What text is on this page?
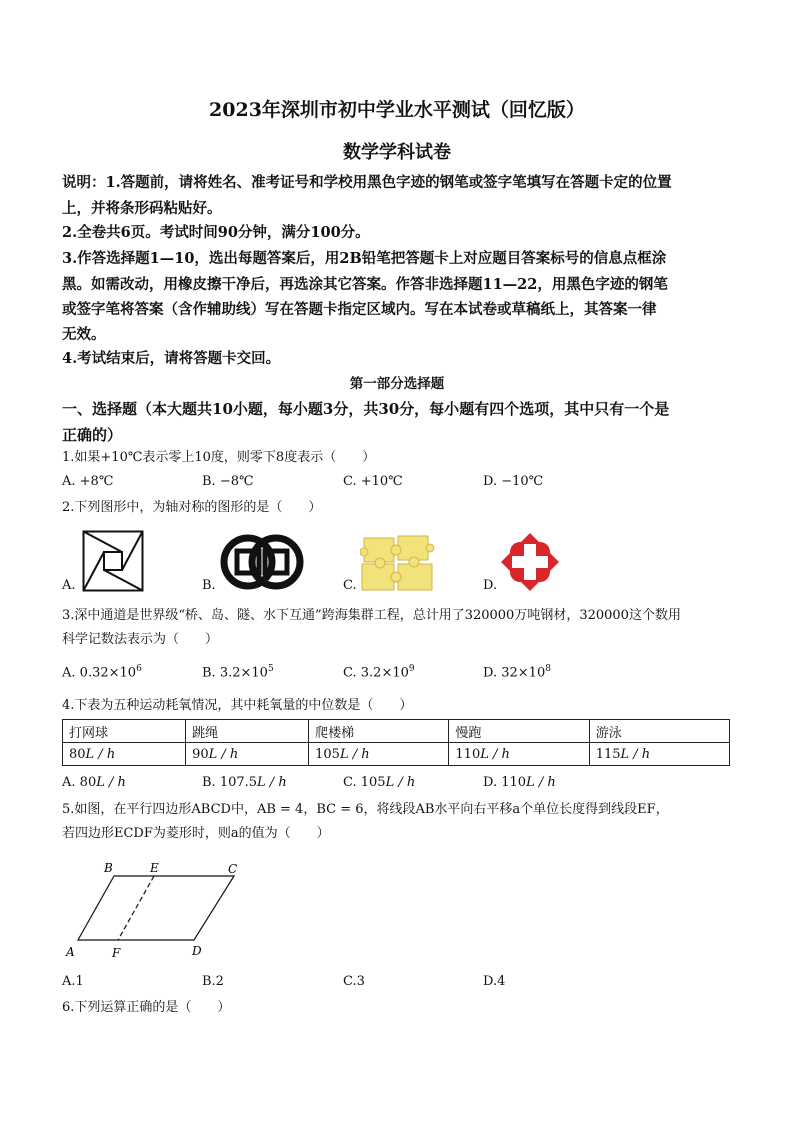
2023年深圳市初中学业水平测试（回忆版）
数学学科试卷
说明：1.答题前，请将姓名、准考证号和学校用黑色字迹的钢笔或签字笔填写在答题卡定的位置
上，并将条形码粘贴好。
2.全卷共6页。考试时间90分钟，满分100分。
3.作答选择题1—10，选出每题答案后，用2B铅笔把答题卡上对应题目答案标号的信息点框涂
黑。如需改动，用橡皮擦干净后，再选涂其它答案。作答非选择题11—22，用黑色字迹的钢笔
或签字笔将答案（含作辅助线）写在答题卡指定区域内。写在本试卷或草稿纸上，其答案一律
无效。
4.考试结束后，请将答题卡交回。
第一部分选择题
一、选择题（本大题共10小题，每小题3分，共30分，每小题有四个选项，其中只有一个是
正确的）
1.如果+10℃表示零上10度，则零下8度表示（　　）
A. +8℃	B. −8℃	C. +10℃	D. −10℃
2.下列图形中，为轴对称的图形的是（　　）
A.	B.	C.	D.
3.深中通道是世界级“桥、岛、隧、水下互通”跨海集群工程，总计用了320000万吨钢材，320000这个数用
科学记数法表示为（　　）
A. $0.32\times 10^6$	B. $3.2\times 10^5$	C. $3.2\times 10^9$	D. $32\times 10^8$
4.下表为五种运动耗氧情况，其中耗氧量的中位数是（　　）
打网球	跳绳	爬楼梯	慢跑	游泳
80L / h	90L / h	105L / h	110L / h	115L / h
A. 80L / h	B. 107.5L / h	C. 105L / h	D. 110L / h
5.如图，在平行四边形ABCD中，AB = 4，BC = 6，将线段AB水平向右平移a个单位长度得到线段EF，
若四边形ECDF为菱形时，则a的值为（　　）
B	E	C
A	F	D
A.1	B.2	C.3	D.4
6.下列运算正确的是（　　）
